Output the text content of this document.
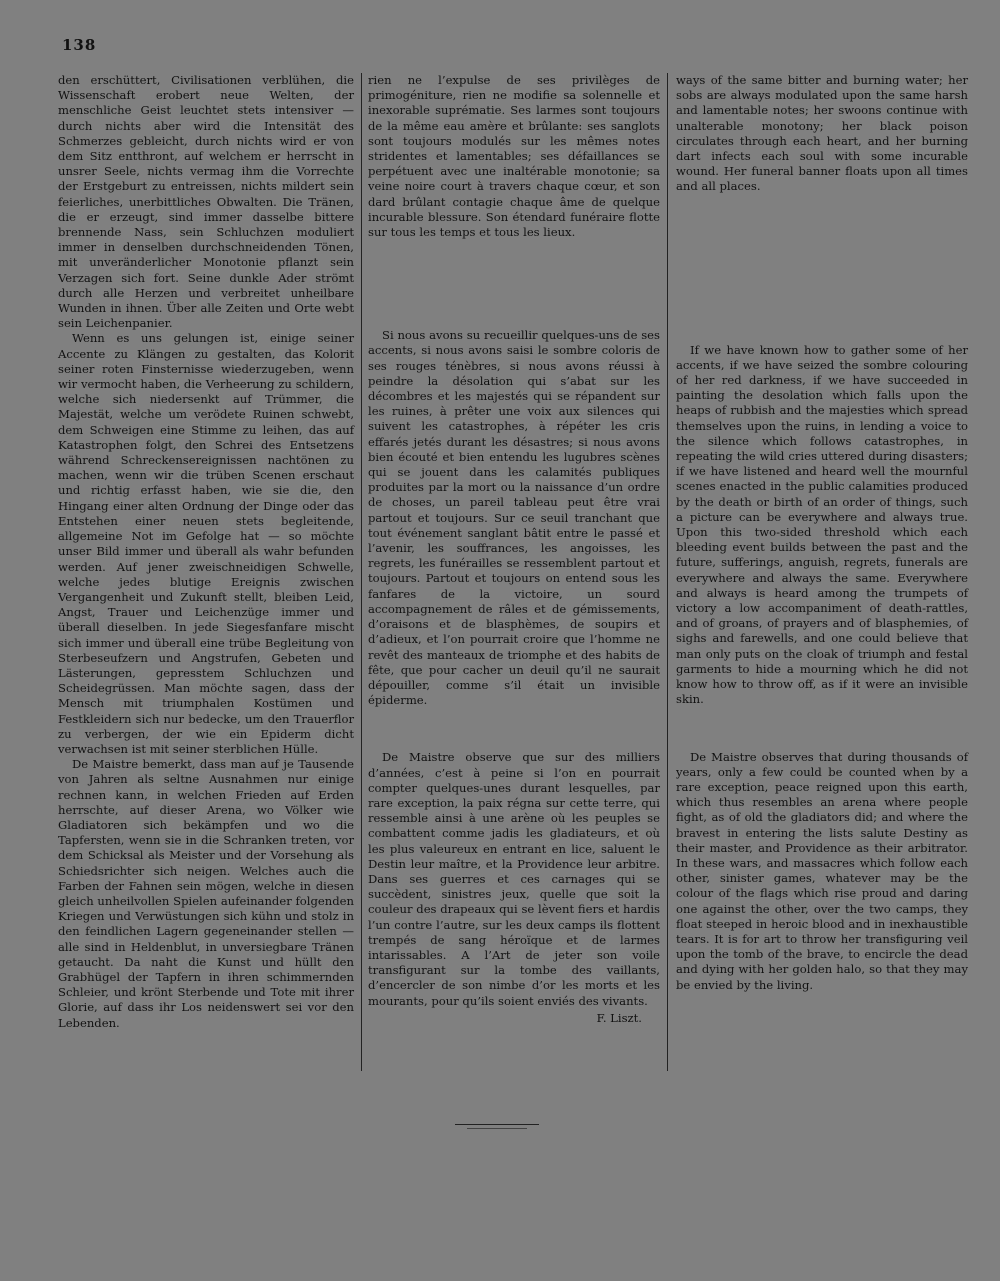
138

den erschüttert, Civilisationen verblühen, die Wissenschaft erobert neue Welten, der menschliche Geist leuchtet stets intensiver — durch nichts aber wird die Intensität des Schmerzes gebleicht, durch nichts wird er von dem Sitz entthront, auf welchem er herrscht in unsrer Seele, nichts vermag ihm die Vorrechte der Erstgeburt zu entreissen, nichts mildert sein feierliches, unerbittliches Obwalten. Die Tränen, die er erzeugt, sind immer dasselbe bittere brennende Nass, sein Schluchzen moduliert immer in denselben durchschneidenden Tönen, mit unveränderlicher Monotonie pflanzt sein Verzagen sich fort. Seine dunkle Ader strömt durch alle Herzen und verbreitet unheilbare Wunden in ihnen. Über alle Zeiten und Orte webt sein Leichenpanier.

Wenn es uns gelungen ist, einige seiner Accente zu Klängen zu gestalten, das Kolorit seiner roten Finsternisse wiederzugeben, wenn wir vermocht haben, die Verheerung zu schildern, welche sich niedersenkt auf Trümmer, die Majestät, welche um verödete Ruinen schwebt, dem Schweigen eine Stimme zu leihen, das auf Katastrophen folgt, den Schrei des Entsetzens während Schreckensereignissen nachtönen zu machen, wenn wir die trüben Scenen erschaut und richtig erfasst haben, wie sie die, den Hingang einer alten Ordnung der Dinge oder das Entstehen einer neuen stets begleitende, allgemeine Not im Gefolge hat — so möchte unser Bild immer und überall als wahr befunden werden. Auf jener zweischneidigen Schwelle, welche jedes blutige Ereignis zwischen Vergangenheit und Zukunft stellt, bleiben Leid, Angst, Trauer und Leichenzüge immer und überall dieselben. In jede Siegesfanfare mischt sich immer und überall eine trübe Begleitung von Sterbeseufzern und Angstrufen, Gebeten und Lästerungen, gepresstem Schluchzen und Scheidegrüssen. Man möchte sagen, dass der Mensch mit triumphalen Kostümen und Festkleidern sich nur bedecke, um den Trauerflor zu verbergen, der wie ein Epiderm dicht verwachsen ist mit seiner sterblichen Hülle.

De Maistre bemerkt, dass man auf je Tausende von Jahren als seltne Ausnahmen nur einige rechnen kann, in welchen Frieden auf Erden herrschte, auf dieser Arena, wo Völker wie Gladiatoren sich bekämpfen und wo die Tapfersten, wenn sie in die Schranken treten, vor dem Schicksal als Meister und der Vorsehung als Schiedsrichter sich neigen. Welches auch die Farben der Fahnen sein mögen, welche in diesen gleich unheilvollen Spielen aufeinander folgenden Kriegen und Verwüstungen sich kühn und stolz in den feindlichen Lagern gegeneinander stellen — alle sind in Heldenblut, in unversiegbare Tränen getaucht. Da naht die Kunst und hüllt den Grabhügel der Tapfern in ihren schimmernden Schleier, und krönt Sterbende und Tote mit ihrer Glorie, auf dass ihr Los neidenswert sei vor den Lebenden.

rien ne l’expulse de ses privilèges de primogéniture, rien ne modifie sa solennelle et inexorable suprématie. Ses larmes sont toujours de la même eau amère et brûlante: ses sanglots sont toujours modulés sur les mêmes notes stridentes et lamentables; ses défaillances se perpétuent avec une inaltérable monotonie; sa veine noire court à travers chaque cœur, et son dard brûlant contagie chaque âme de quelque incurable blessure. Son étendard funéraire flotte sur tous les temps et tous les lieux.

Si nous avons su recueillir quelques-uns de ses accents, si nous avons saisi le sombre coloris de ses rouges ténèbres, si nous avons réussi à peindre la désolation qui s’abat sur les décombres et les majestés qui se répandent sur les ruines, à prêter une voix aux silences qui suivent les catastrophes, à répéter les cris effarés jetés durant les désastres; si nous avons bien écouté et bien entendu les lugubres scènes qui se jouent dans les calamités publiques produites par la mort ou la naissance d’un ordre de choses, un pareil tableau peut être vrai partout et toujours. Sur ce seuil tranchant que tout événement sanglant bâtit entre le passé et l’avenir, les souffrances, les angoisses, les regrets, les funérailles se ressemblent partout et toujours. Partout et toujours on entend sous les fanfares de la victoire, un sourd accompagnement de râles et de gémissements, d’oraisons et de blasphèmes, de soupirs et d’adieux, et l’on pourrait croire que l’homme ne revêt des manteaux de triomphe et des habits de fête, que pour cacher un deuil qu’il ne saurait dépouiller, comme s’il était un invisible épiderme.

De Maistre observe que sur des milliers d’années, c’est à peine si l’on en pourrait compter quelques-unes durant lesquelles, par rare exception, la paix régna sur cette terre, qui ressemble ainsi à une arène où les peuples se combattent comme jadis les gladiateurs, et où les plus valeureux en entrant en lice, saluent le Destin leur maître, et la Providence leur arbitre. Dans ses guerres et ces carnages qui se succèdent, sinistres jeux, quelle que soit la couleur des drapeaux qui se lèvent fiers et hardis l’un contre l’autre, sur les deux camps ils flottent trempés de sang héroïque et de larmes intarissables. A l’Art de jeter son voile transfigurant sur la tombe des vaillants, d’encercler de son nimbe d’or les morts et les mourants, pour qu’ils soient enviés des vivants.

F. Liszt.

ways of the same bitter and burning water; her sobs are always modulated upon the same harsh and lamentable notes; her swoons continue with unalterable monotony; her black poison circulates through each heart, and her burning dart infects each soul with some incurable wound. Her funeral banner floats upon all times and all places.

If we have known how to gather some of her accents, if we have seized the sombre colouring of her red darkness, if we have succeeded in painting the desolation which falls upon the heaps of rubbish and the majesties which spread themselves upon the ruins, in lending a voice to the silence which follows catastrophes, in repeating the wild cries uttered during disasters; if we have listened and heard well the mournful scenes enacted in the public calamities produced by the death or birth of an order of things, such a picture can be everywhere and always true. Upon this two-sided threshold which each bleeding event builds between the past and the future, sufferings, anguish, regrets, funerals are everywhere and always the same. Everywhere and always is heard among the trumpets of victory a low accompaniment of death-rattles, and of groans, of prayers and of blasphemies, of sighs and farewells, and one could believe that man only puts on the cloak of triumph and festal garments to hide a mourning which he did not know how to throw off, as if it were an invisible skin.

De Maistre observes that during thousands of years, only a few could be counted when by a rare exception, peace reigned upon this earth, which thus resembles an arena where people fight, as of old the gladiators did; and where the bravest in entering the lists salute Destiny as their master, and Providence as their arbitrator. In these wars, and massacres which follow each other, sinister games, whatever may be the colour of the flags which rise proud and daring one against the other, over the two camps, they float steeped in heroic blood and in inexhaustible tears. It is for art to throw her transfiguring veil upon the tomb of the brave, to encircle the dead and dying with her golden halo, so that they may be envied by the living.
